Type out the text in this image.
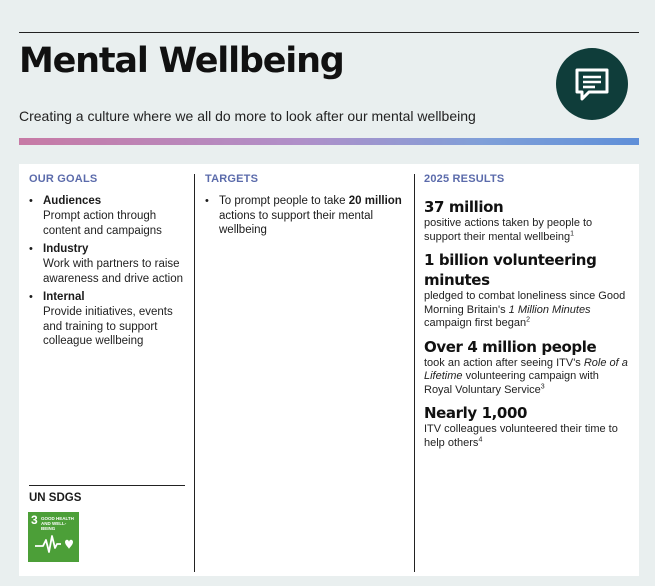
Mental Wellbeing
Creating a culture where we all do more to look after our mental wellbeing
OUR GOALS	TARGETS	2025 RESULTS
• Audiences
Prompt action through content and campaigns
• Industry
Work with partners to raise awareness and drive action
• Internal
Provide initiatives, events and training to support colleague wellbeing
• To prompt people to take 20 million actions to support their mental wellbeing
37 million
positive actions taken by people to support their mental wellbeing$^1$
1 billion volunteering minutes
pledged to combat loneliness since Good Morning Britain's 1 Million Minutes campaign first began$^2$
Over 4 million people
took an action after seeing ITV's Role of a Lifetime volunteering campaign with Royal Voluntary Service$^3$
Nearly 1,000
ITV colleagues volunteered their time to help others$^4$
UN SDGS
3 GOOD HEALTH AND WELL-BEING
